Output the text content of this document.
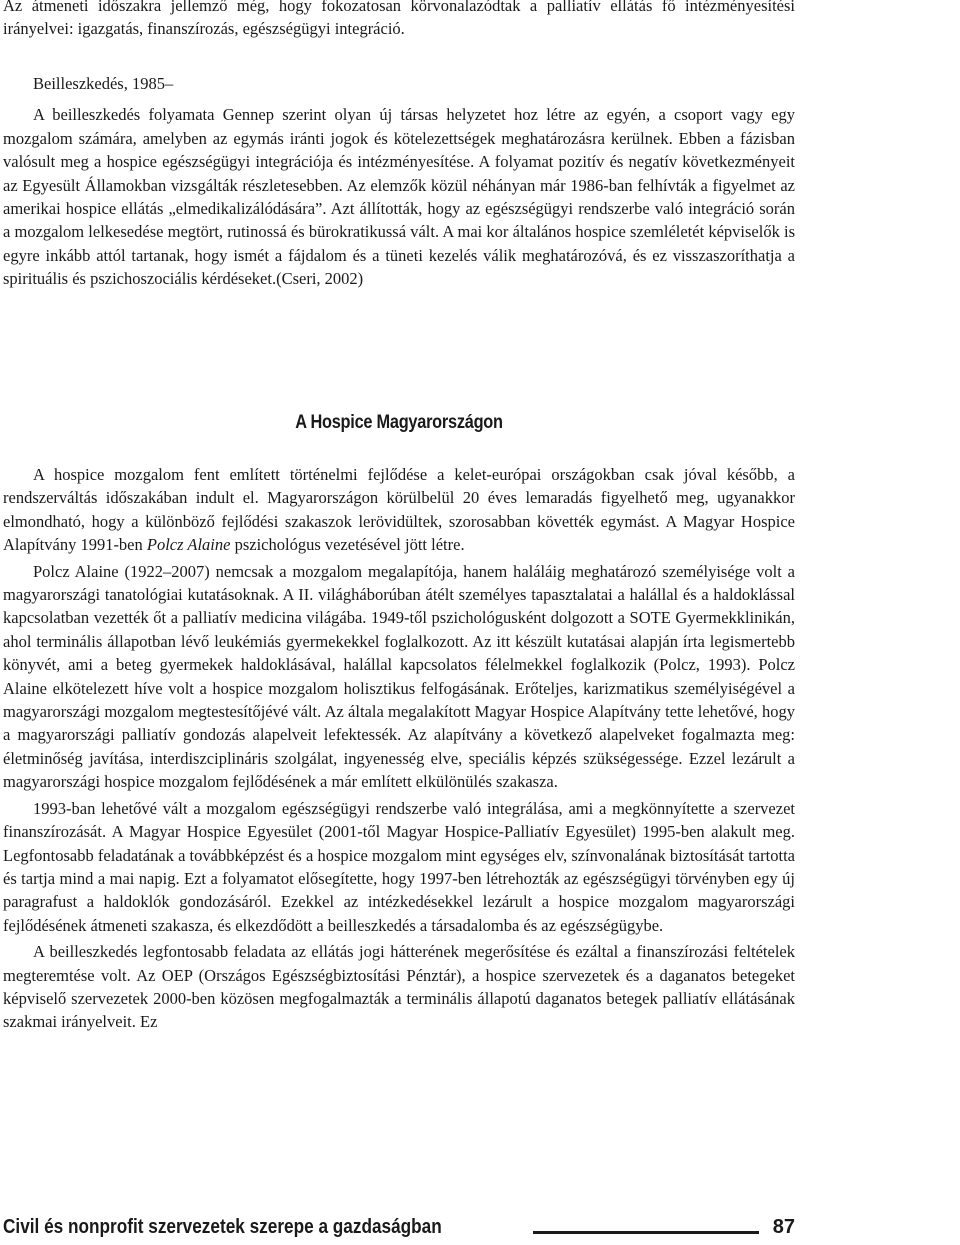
Az átmeneti időszakra jellemző még, hogy fokozatosan körvonalazódtak a palliatív ellátás fő intézményesítési irányelvei: igazgatás, finanszírozás, egészségügyi integráció.

Beilleszkedés, 1985–

A beilleszkedés folyamata Gennep szerint olyan új társas helyzetet hoz létre az egyén, a csoport vagy egy mozgalom számára, amelyben az egymás iránti jogok és kötelezettségek meghatározásra kerülnek. Ebben a fázisban valósult meg a hospice egészségügyi integrációja és intézményesítése. A folyamat pozitív és negatív következményeit az Egyesült Államokban vizsgálták részletesebben. Az elemzők közül néhányan már 1986-ban felhívták a figyelmet az amerikai hospice ellátás „elmedikalizálódására”. Azt állították, hogy az egészségügyi rendszerbe való integráció során a mozgalom lelkesedése megtört, rutinossá és bürokratikussá vált. A mai kor általános hospice szemléletét képviselők is egyre inkább attól tartanak, hogy ismét a fájdalom és a tüneti kezelés válik meghatározóvá, és ez visszaszoríthatja a spirituális és pszichoszociális kérdéseket.(Cseri, 2002)

A Hospice Magyarországon

A hospice mozgalom fent említett történelmi fejlődése a kelet-európai országokban csak jóval később, a rendszerváltás időszakában indult el. Magyarországon körülbelül 20 éves lemaradás figyelhető meg, ugyanakkor elmondható, hogy a különböző fejlődési szakaszok lerövidültek, szorosabban követték egymást. A Magyar Hospice Alapítvány 1991-ben Polcz Alaine pszichológus vezetésével jött létre.

Polcz Alaine (1922–2007) nemcsak a mozgalom megalapítója, hanem haláláig meghatározó személyisége volt a magyarországi tanatológiai kutatásoknak. A II. világháborúban átélt személyes tapasztalatai a halállal és a haldoklással kapcsolatban vezették őt a palliatív medicina világába. 1949-től pszichológusként dolgozott a SOTE Gyermekklinikán, ahol terminális állapotban lévő leukémiás gyermekekkel foglalkozott. Az itt készült kutatásai alapján írta legismertebb könyvét, ami a beteg gyermekek haldoklásával, halállal kapcsolatos félelmekkel foglalkozik (Polcz, 1993). Polcz Alaine elkötelezett híve volt a hospice mozgalom holisztikus felfogásának. Erőteljes, karizmatikus személyiségével a magyarországi mozgalom megtestesítőjévé vált. Az általa megalakított Magyar Hospice Alapítvány tette lehetővé, hogy a magyarországi palliatív gondozás alapelveit lefektessék. Az alapítvány a következő alapelveket fogalmazta meg: életminőség javítása, interdiszciplináris szolgálat, ingyenesség elve, speciális képzés szükségessége. Ezzel lezárult a magyarországi hospice mozgalom fejlődésének a már említett elkülönülés szakasza.

1993-ban lehetővé vált a mozgalom egészségügyi rendszerbe való integrálása, ami a megkönnyítette a szervezet finanszírozását. A Magyar Hospice Egyesület (2001-től Magyar Hospice-Palliatív Egyesület) 1995-ben alakult meg. Legfontosabb feladatának a továbbképzést és a hospice mozgalom mint egységes elv, színvonalának biztosítását tartotta és tartja mind a mai napig. Ezt a folyamatot elősegítette, hogy 1997-ben létrehozták az egészségügyi törvényben egy új paragrafust a haldoklók gondozásáról. Ezekkel az intézkedésekkel lezárult a hospice mozgalom magyarországi fejlődésének átmeneti szakasza, és elkezdődött a beilleszkedés a társadalomba és az egészségügybe.

A beilleszkedés legfontosabb feladata az ellátás jogi hátterének megerősítése és ezáltal a finanszírozási feltételek megteremtése volt. Az OEP (Országos Egészségbiztosítási Pénztár), a hospice szervezetek és a daganatos betegeket képviselő szervezetek 2000-ben közösen megfogalmazták a terminális állapotú daganatos betegek palliatív ellátásának szakmai irányelveit. Ez

Civil és nonprofit szervezetek szerepe a gazdaságban	87
